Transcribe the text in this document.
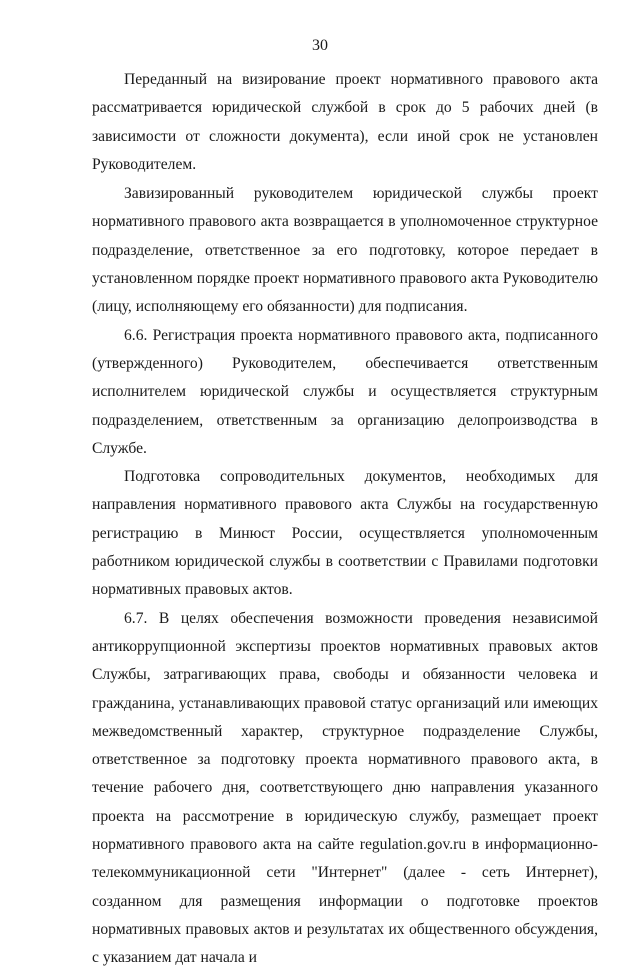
30

Переданный на визирование проект нормативного правового акта рассматривается юридической службой в срок до 5 рабочих дней (в зависимости от сложности документа), если иной срок не установлен Руководителем.

Завизированный руководителем юридической службы проект нормативного правового акта возвращается в уполномоченное структурное подразделение, ответственное за его подготовку, которое передает в установленном порядке проект нормативного правового акта Руководителю (лицу, исполняющему его обязанности) для подписания.

6.6. Регистрация проекта нормативного правового акта, подписанного (утвержденного) Руководителем, обеспечивается ответственным исполнителем юридической службы и осуществляется структурным подразделением, ответственным за организацию делопроизводства в Службе.

Подготовка сопроводительных документов, необходимых для направления нормативного правового акта Службы на государственную регистрацию в Минюст России, осуществляется уполномоченным работником юридической службы в соответствии с Правилами подготовки нормативных правовых актов.

6.7. В целях обеспечения возможности проведения независимой антикоррупционной экспертизы проектов нормативных правовых актов Службы, затрагивающих права, свободы и обязанности человека и гражданина, устанавливающих правовой статус организаций или имеющих межведомственный характер, структурное подразделение Службы, ответственное за подготовку проекта нормативного правового акта, в течение рабочего дня, соответствующего дню направления указанного проекта на рассмотрение в юридическую службу, размещает проект нормативного правового акта на сайте regulation.gov.ru в информационно-телекоммуникационной сети "Интернет" (далее - сеть Интернет), созданном для размещения информации о подготовке проектов нормативных правовых актов и результатах их общественного обсуждения, с указанием дат начала и
